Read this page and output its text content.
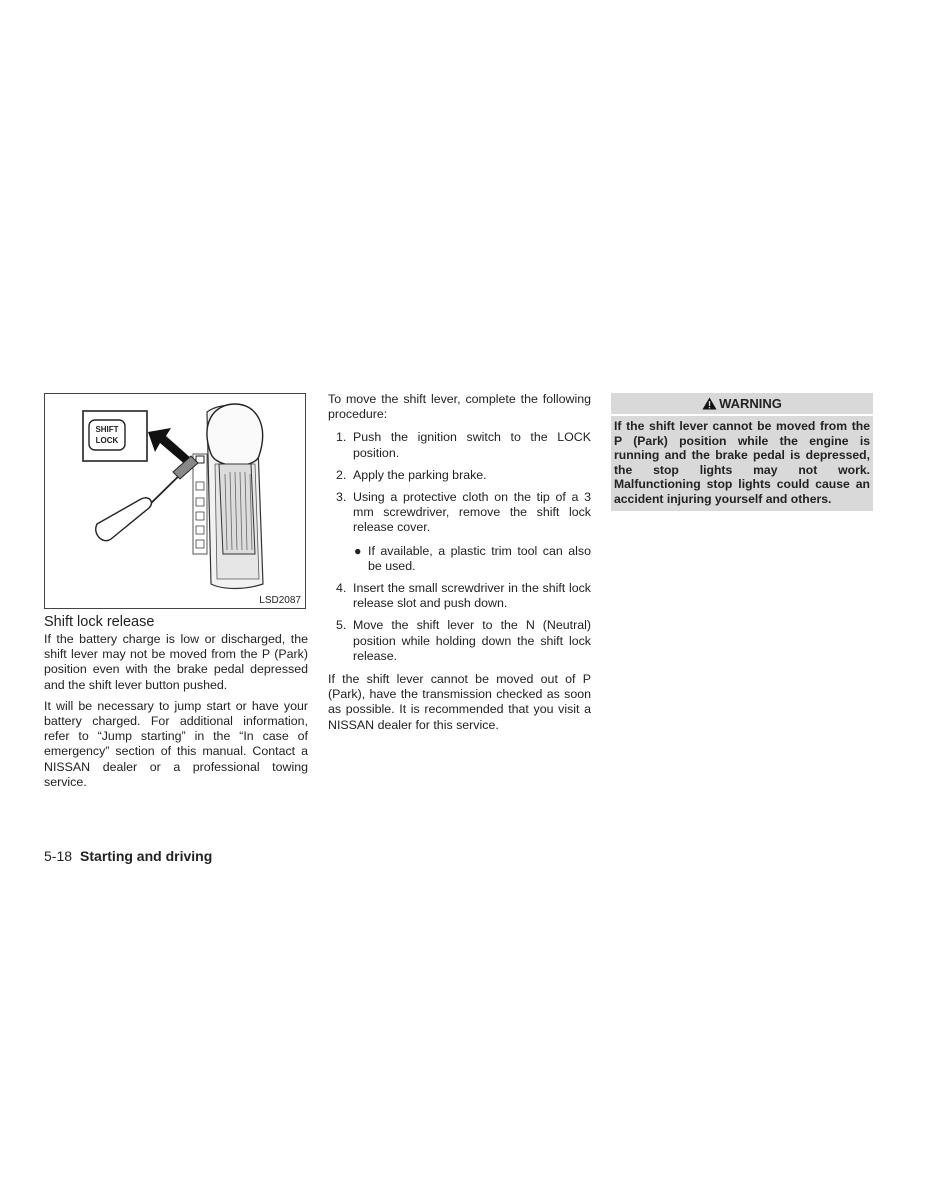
SHIFT
LOCK
LSD2087
Shift lock release

If the battery charge is low or discharged, the shift lever may not be moved from the P (Park) position even with the brake pedal depressed and the shift lever button pushed.

It will be necessary to jump start or have your battery charged. For additional information, refer to “Jump starting” in the “In case of emergency” section of this manual. Contact a NISSAN dealer or a professional towing service.

To move the shift lever, complete the following procedure:

1. Push the ignition switch to the LOCK position.
2. Apply the parking brake.
3. Using a protective cloth on the tip of a 3 mm screwdriver, remove the shift lock release cover.
● If available, a plastic trim tool can also be used.
4. Insert the small screwdriver in the shift lock release slot and push down.
5. Move the shift lever to the N (Neutral) position while holding down the shift lock release.

If the shift lever cannot be moved out of P (Park), have the transmission checked as soon as possible. It is recommended that you visit a NISSAN dealer for this service.

WARNING
If the shift lever cannot be moved from the P (Park) position while the engine is running and the brake pedal is depressed, the stop lights may not work. Malfunctioning stop lights could cause an accident injuring yourself and others.
5-18 Starting and driving
